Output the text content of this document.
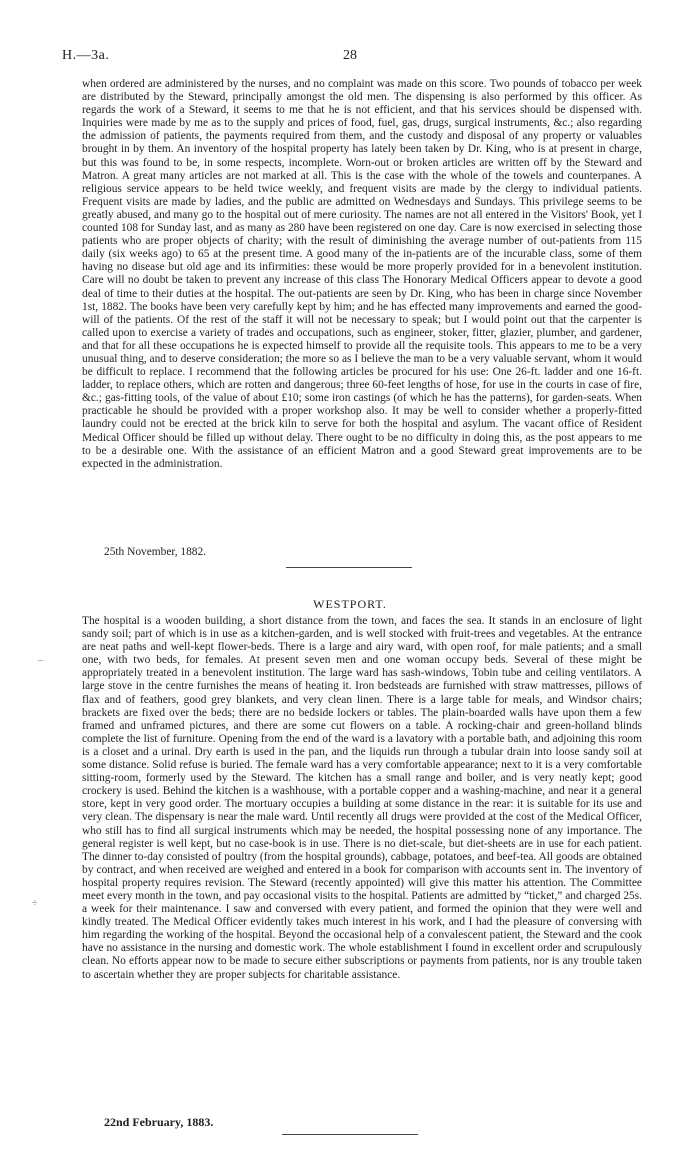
H.—3a.	28

when ordered are administered by the nurses, and no complaint was made on this score. Two pounds of tobacco per week are distributed by the Steward, principally amongst the old men. The dispensing is also performed by this officer. As regards the work of a Steward, it seems to me that he is not efficient, and that his services should be dispensed with. Inquiries were made by me as to the supply and prices of food, fuel, gas, drugs, surgical instruments, &c.; also regarding the admission of patients, the payments required from them, and the custody and disposal of any property or valuables brought in by them. An inventory of the hospital property has lately been taken by Dr. King, who is at present in charge, but this was found to be, in some respects, incomplete. Worn-out or broken articles are written off by the Steward and Matron. A great many articles are not marked at all. This is the case with the whole of the towels and counterpanes. A religious service appears to be held twice weekly, and frequent visits are made by the clergy to individual patients. Frequent visits are made by ladies, and the public are admitted on Wednesdays and Sundays. This privilege seems to be greatly abused, and many go to the hospital out of mere curiosity. The names are not all entered in the Visitors' Book, yet I counted 108 for Sunday last, and as many as 280 have been registered on one day. Care is now exercised in selecting those patients who are proper objects of charity; with the result of diminishing the average number of out-patients from 115 daily (six weeks ago) to 65 at the present time. A good many of the in-patients are of the incurable class, some of them having no disease but old age and its infirmities: these would be more properly provided for in a benevolent institution. Care will no doubt be taken to prevent any increase of this class The Honorary Medical Officers appear to devote a good deal of time to their duties at the hospital. The out-patients are seen by Dr. King, who has been in charge since November 1st, 1882. The books have been very carefully kept by him; and he has effected many improvements and earned the good-will of the patients. Of the rest of the staff it will not be necessary to speak; but I would point out that the carpenter is called upon to exercise a variety of trades and occupations, such as engineer, stoker, fitter, glazier, plumber, and gardener, and that for all these occupations he is expected himself to provide all the requisite tools. This appears to me to be a very unusual thing, and to deserve consideration; the more so as I believe the man to be a very valuable servant, whom it would be difficult to replace. I recommend that the following articles be procured for his use: One 26-ft. ladder and one 16-ft. ladder, to replace others, which are rotten and dangerous; three 60-feet lengths of hose, for use in the courts in case of fire, &c.; gas-fitting tools, of the value of about £10; some iron castings (of which he has the patterns), for garden-seats. When practicable he should be provided with a proper workshop also. It may be well to consider whether a properly-fitted laundry could not be erected at the brick kiln to serve for both the hospital and asylum. The vacant office of Resident Medical Officer should be filled up without delay. There ought to be no difficulty in doing this, as the post appears to me to be a desirable one. With the assistance of an efficient Matron and a good Steward great improvements are to be expected in the administration.

25th November, 1882.
WESTPORT.

The hospital is a wooden building, a short distance from the town, and faces the sea. It stands in an enclosure of light sandy soil; part of which is in use as a kitchen-garden, and is well stocked with fruit-trees and vegetables. At the entrance are neat paths and well-kept flower-beds. There is a large and airy ward, with open roof, for male patients; and a small one, with two beds, for females. At present seven men and one woman occupy beds. Several of these might be appropriately treated in a benevolent institution. The large ward has sash-windows, Tobin tube and ceiling ventilators. A large stove in the centre furnishes the means of heating it. Iron bedsteads are furnished with straw mattresses, pillows of flax and of feathers, good grey blankets, and very clean linen. There is a large table for meals, and Windsor chairs; brackets are fixed over the beds; there are no bedside lockers or tables. The plain-boarded walls have upon them a few framed and unframed pictures, and there are some cut flowers on a table. A rocking-chair and green-holland blinds complete the list of furniture. Opening from the end of the ward is a lavatory with a portable bath, and adjoining this room is a closet and a urinal. Dry earth is used in the pan, and the liquids run through a tubular drain into loose sandy soil at some distance. Solid refuse is buried. The female ward has a very comfortable appearance; next to it is a very comfortable sitting-room, formerly used by the Steward. The kitchen has a small range and boiler, and is very neatly kept; good crockery is used. Behind the kitchen is a washhouse, with a portable copper and a washing-machine, and near it a general store, kept in very good order. The mortuary occupies a building at some distance in the rear: it is suitable for its use and very clean. The dispensary is near the male ward. Until recently all drugs were provided at the cost of the Medical Officer, who still has to find all surgical instruments which may be needed, the hospital possessing none of any importance. The general register is well kept, but no case-book is in use. There is no diet-scale, but diet-sheets are in use for each patient. The dinner to-day consisted of poultry (from the hospital grounds), cabbage, potatoes, and beef-tea. All goods are obtained by contract, and when received are weighed and entered in a book for comparison with accounts sent in. The inventory of hospital property requires revision. The Steward (recently appointed) will give this matter his attention. The Committee meet every month in the town, and pay occasional visits to the hospital. Patients are admitted by “ticket,” and charged 25s. a week for their maintenance. I saw and conversed with every patient, and formed the opinion that they were well and kindly treated. The Medical Officer evidently takes much interest in his work, and I had the pleasure of conversing with him regarding the working of the hospital. Beyond the occasional help of a convalescent patient, the Steward and the cook have no assistance in the nursing and domestic work. The whole establishment I found in excellent order and scrupulously clean. No efforts appear now to be made to secure either subscriptions or payments from patients, nor is any trouble taken to ascertain whether they are proper subjects for charitable assistance.

22nd February, 1883.
–
÷
